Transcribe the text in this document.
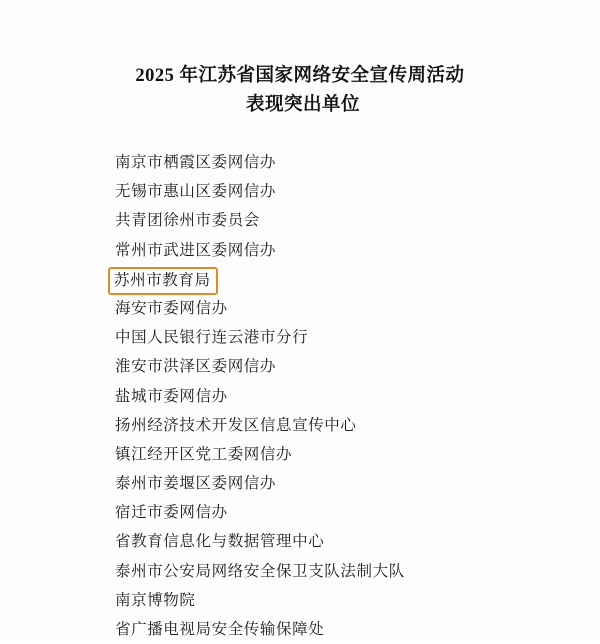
2025 年江苏省国家网络安全宣传周活动
表现突出单位
南京市栖霞区委网信办
无锡市惠山区委网信办
共青团徐州市委员会
常州市武进区委网信办
苏州市教育局
海安市委网信办
中国人民银行连云港市分行
淮安市洪泽区委网信办
盐城市委网信办
扬州经济技术开发区信息宣传中心
镇江经开区党工委网信办
泰州市姜堰区委网信办
宿迁市委网信办
省教育信息化与数据管理中心
泰州市公安局网络安全保卫支队法制大队
南京博物院
省广播电视局安全传输保障处
